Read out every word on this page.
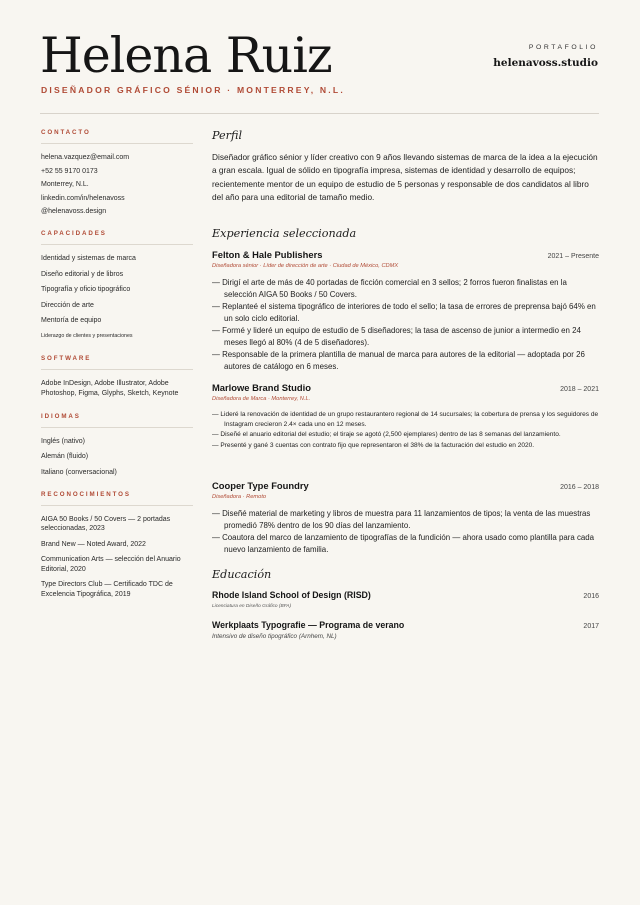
Helena Ruiz
DISEÑADOR GRÁFICO SÉNIOR · MONTERREY, N.L.
PORTAFOLIO
helenavoss.studio
CONTACTO
helena.vazquez@email.com
+52 55 9170 0173
Monterrey, N.L.
linkedin.com/in/helenavoss
@helenavoss.design
CAPACIDADES
Identidad y sistemas de marca
Diseño editorial y de libros
Tipografía y oficio tipográfico
Dirección de arte
Mentoría de equipo
Liderazgo de clientes y presentaciones
SOFTWARE
Adobe InDesign, Adobe Illustrator, Adobe Photoshop, Figma, Glyphs, Sketch, Keynote
IDIOMAS
Inglés (nativo)
Alemán (fluido)
Italiano (conversacional)
RECONOCIMIENTOS
AIGA 50 Books / 50 Covers — 2 portadas seleccionadas, 2023
Brand New — Noted Award, 2022
Communication Arts — selección del Anuario Editorial, 2020
Type Directors Club — Certificado TDC de Excelencia Tipográfica, 2019
Perfil

Diseñador gráfico sénior y líder creativo con 9 años llevando sistemas de marca de la idea a la ejecución a gran escala. Igual de sólido en tipografía impresa, sistemas de identidad y desarrollo de equipos; recientemente mentor de un equipo de estudio de 5 personas y responsable de dos candidatos al libro del año para una editorial de tamaño medio.

Experiencia seleccionada
Felton & Hale Publishers	2021 – Presente
Diseñadora sénior · Líder de dirección de arte · Ciudad de México, CDMX
— Dirigí el arte de más de 40 portadas de ficción comercial en 3 sellos; 2 forros fueron finalistas en la selección AIGA 50 Books / 50 Covers.
— Replanteé el sistema tipográfico de interiores de todo el sello; la tasa de errores de preprensa bajó 64% en un solo ciclo editorial.
— Formé y lideré un equipo de estudio de 5 diseñadores; la tasa de ascenso de junior a intermedio en 24 meses llegó al 80% (4 de 5 diseñadores).
— Responsable de la primera plantilla de manual de marca para autores de la editorial — adoptada por 26 autores de catálogo en 6 meses.
Marlowe Brand Studio	2018 – 2021
Diseñadora de Marca · Monterrey, N.L.
— Lideré la renovación de identidad de un grupo restaurantero regional de 14 sucursales; la cobertura de prensa y los seguidores de Instagram crecieron 2.4× cada uno en 12 meses.
— Diseñé el anuario editorial del estudio; el tiraje se agotó (2,500 ejemplares) dentro de las 8 semanas del lanzamiento.
— Presenté y gané 3 cuentas con contrato fijo que representaron el 38% de la facturación del estudio en 2020.
Cooper Type Foundry	2016 – 2018
Diseñadora · Remoto
— Diseñé material de marketing y libros de muestra para 11 lanzamientos de tipos; la venta de las muestras promedió 78% dentro de los 90 días del lanzamiento.
— Coautora del marco de lanzamiento de tipografías de la fundición — ahora usado como plantilla para cada nuevo lanzamiento de familia.
Educación
Rhode Island School of Design (RISD)	2016
Licenciatura en Diseño Gráfico (BFA)
Werkplaats Typografie — Programa de verano	2017
Intensivo de diseño tipográfico (Arnhem, NL)
